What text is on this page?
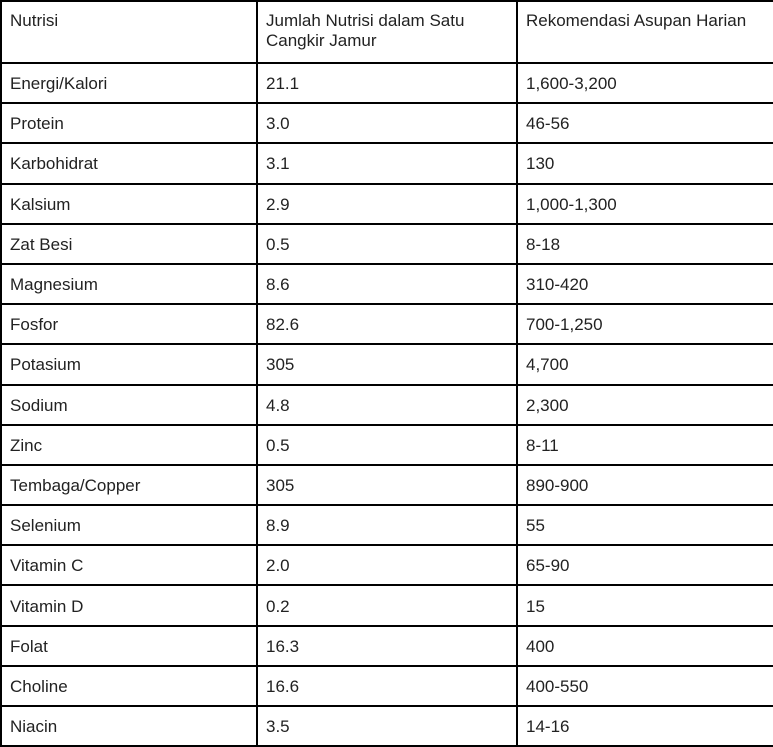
Nutrisi	Jumlah Nutrisi dalam Satu Cangkir Jamur	Rekomendasi Asupan Harian
Energi/Kalori	21.1	1,600-3,200
Protein	3.0	46-56
Karbohidrat	3.1	130
Kalsium	2.9	1,000-1,300
Zat Besi	0.5	8-18
Magnesium	8.6	310-420
Fosfor	82.6	700-1,250
Potasium	305	4,700
Sodium	4.8	2,300
Zinc	0.5	8-11
Tembaga/Copper	305	890-900
Selenium	8.9	55
Vitamin C	2.0	65-90
Vitamin D	0.2	15
Folat	16.3	400
Choline	16.6	400-550
Niacin	3.5	14-16
